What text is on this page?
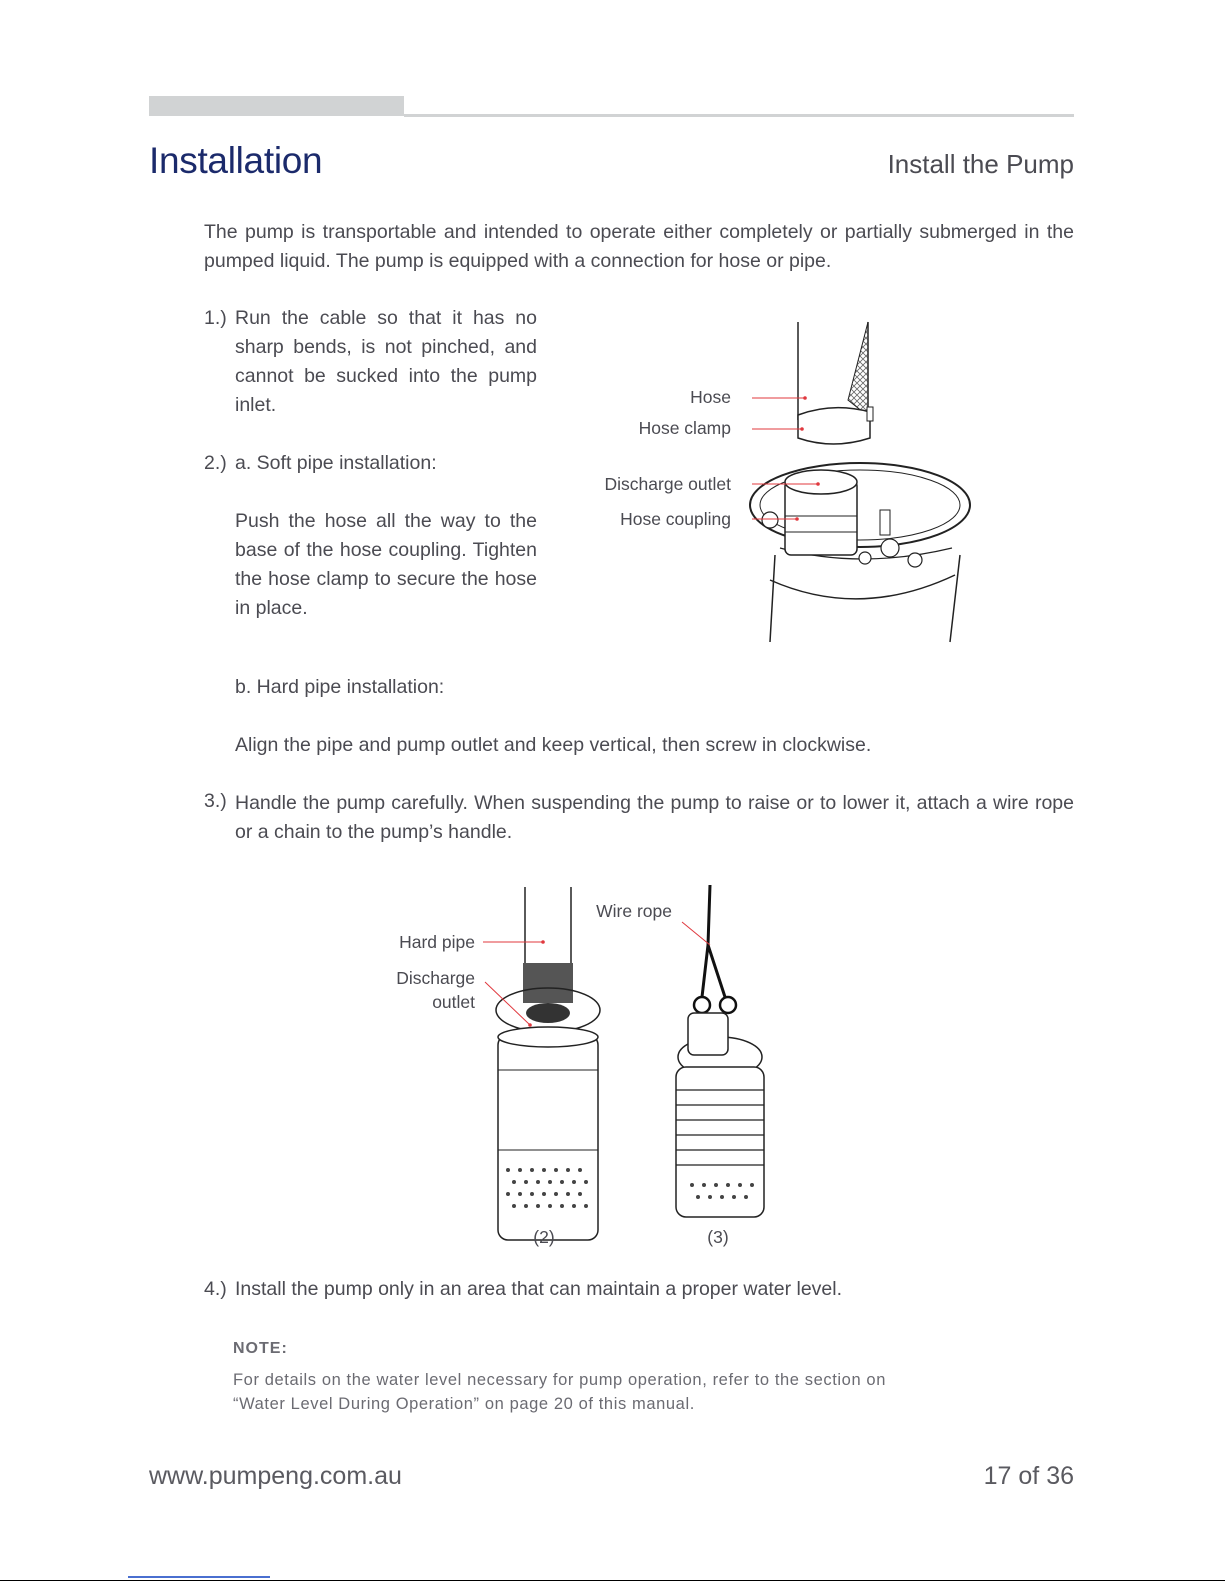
Installation	Install the Pump
The pump is transportable and intended to operate either completely or partially submerged in the pumped liquid. The pump is equipped with a connection for hose or pipe.
1.) Run the cable so that it has no sharp bends, is not pinched, and cannot be sucked into the pump inlet.
2.) a. Soft pipe installation:
Push the hose all the way to the base of the hose coupling. Tighten the hose clamp to secure the hose in place.
b. Hard pipe installation:
Align the pipe and pump outlet and keep vertical, then screw in clockwise.
3.) Handle the pump carefully. When suspending the pump to raise or to lower it, attach a wire rope or a chain to the pump’s handle.
Hose
Hose clamp
Discharge outlet
Hose coupling
Hard pipe
Discharge
outlet
Wire rope
(2)	(3)
4.) Install the pump only in an area that can maintain a proper water level.
NOTE:
For details on the water level necessary for pump operation, refer to the section on
“Water Level During Operation” on page 20 of this manual.
www.pumpeng.com.au	17 of 36
